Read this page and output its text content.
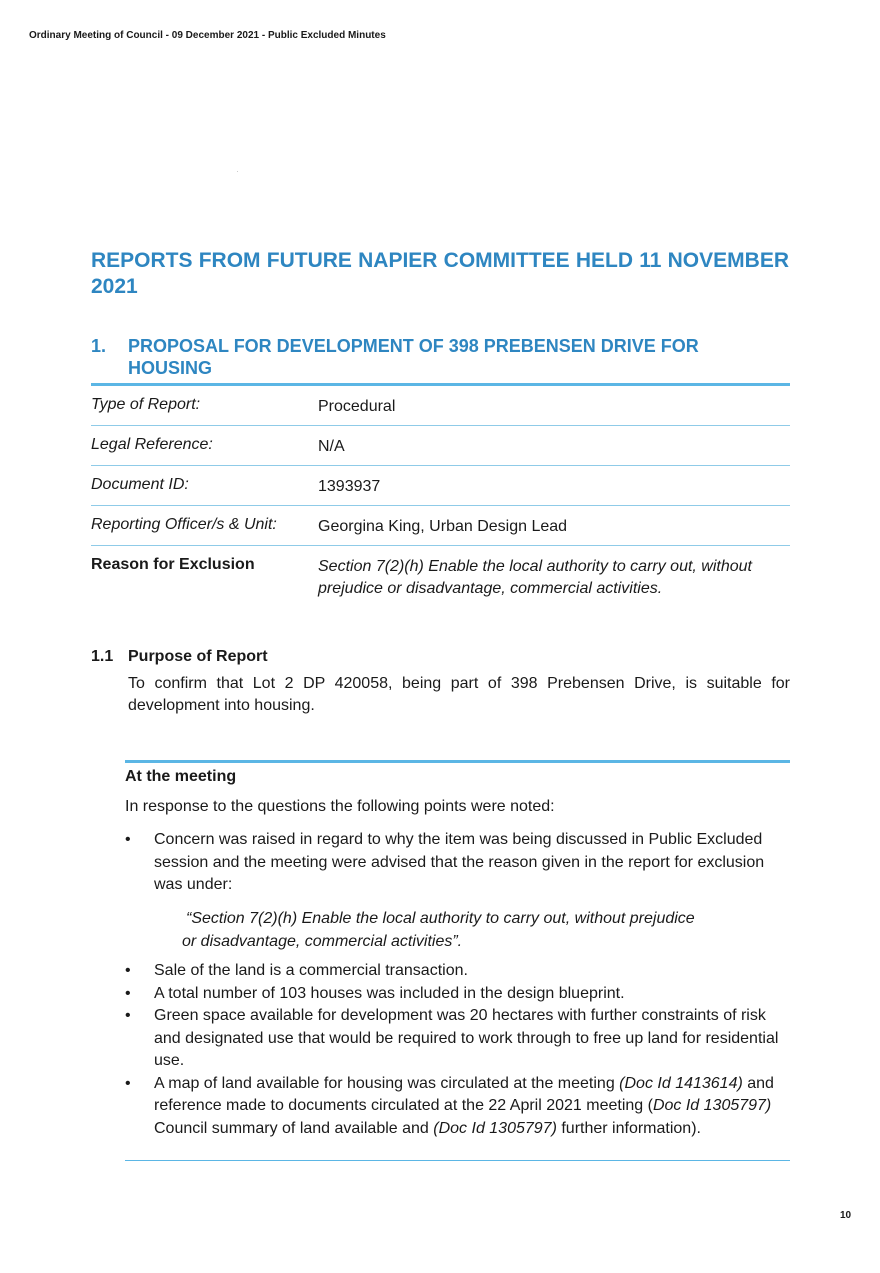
Ordinary Meeting of Council - 09 December 2021 - Public Excluded Minutes
REPORTS FROM FUTURE NAPIER COMMITTEE HELD 11 NOVEMBER 2021
1. PROPOSAL FOR DEVELOPMENT OF 398 PREBENSEN DRIVE FOR HOUSING
Type of Report:	Procedural
Legal Reference:	N/A
Document ID:	1393937
Reporting Officer/s & Unit:	Georgina King, Urban Design Lead
Reason for Exclusion	Section 7(2)(h) Enable the local authority to carry out, without prejudice or disadvantage, commercial activities.
1.1 Purpose of Report
To confirm that Lot 2 DP 420058, being part of 398 Prebensen Drive, is suitable for development into housing.
At the meeting
In response to the questions the following points were noted:
• Concern was raised in regard to why the item was being discussed in Public Excluded session and the meeting were advised that the reason given in the report for exclusion was under:
“Section 7(2)(h) Enable the local authority to carry out, without prejudice
or disadvantage, commercial activities”.
• Sale of the land is a commercial transaction.
• A total number of 103 houses was included in the design blueprint.
• Green space available for development was 20 hectares with further constraints of risk and designated use that would be required to work through to free up land for residential use.
• A map of land available for housing was circulated at the meeting (Doc Id 1413614) and reference made to documents circulated at the 22 April 2021 meeting (Doc Id 1305797) Council summary of land available and (Doc Id 1305797) further information).
10
